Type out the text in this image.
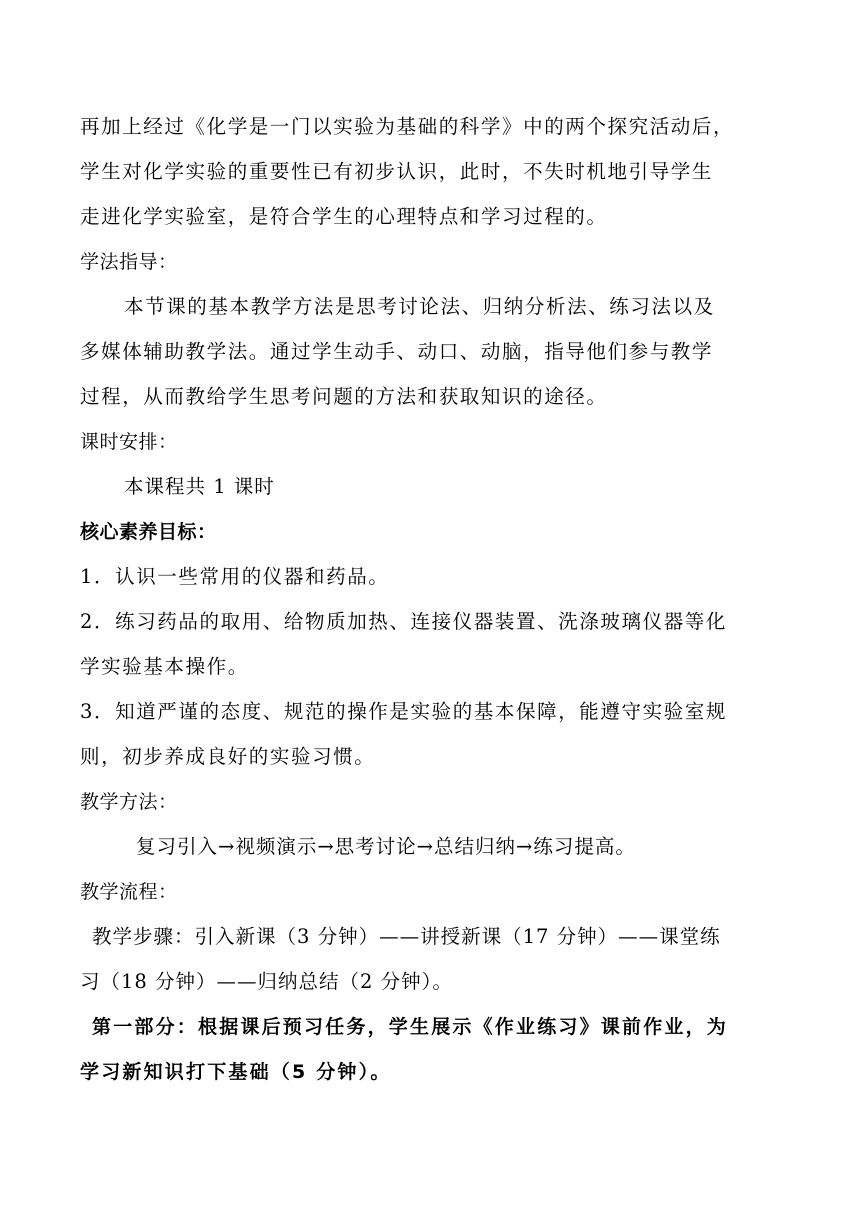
再加上经过《化学是一门以实验为基础的科学》中的两个探究活动后，
学生对化学实验的重要性已有初步认识，此时，不失时机地引导学生
走进化学实验室，是符合学生的心理特点和学习过程的。
学法指导：
本节课的基本教学方法是思考讨论法、归纳分析法、练习法以及
多媒体辅助教学法。通过学生动手、动口、动脑，指导他们参与教学
过程，从而教给学生思考问题的方法和获取知识的途径。
课时安排：
本课程共 1 课时
核心素养目标：
1．认识一些常用的仪器和药品。
2．练习药品的取用、给物质加热、连接仪器装置、洗涤玻璃仪器等化
学实验基本操作。
3．知道严谨的态度、规范的操作是实验的基本保障，能遵守实验室规
则，初步养成良好的实验习惯。
教学方法：
复习引入→视频演示→思考讨论→总结归纳→练习提高。
教学流程：
教学步骤：引入新课（3 分钟）——讲授新课（17 分钟）——课堂练
习（18 分钟）——归纳总结（2 分钟）。
第一部分：根据课后预习任务，学生展示《作业练习》课前作业，为
学习新知识打下基础（5 分钟）。
